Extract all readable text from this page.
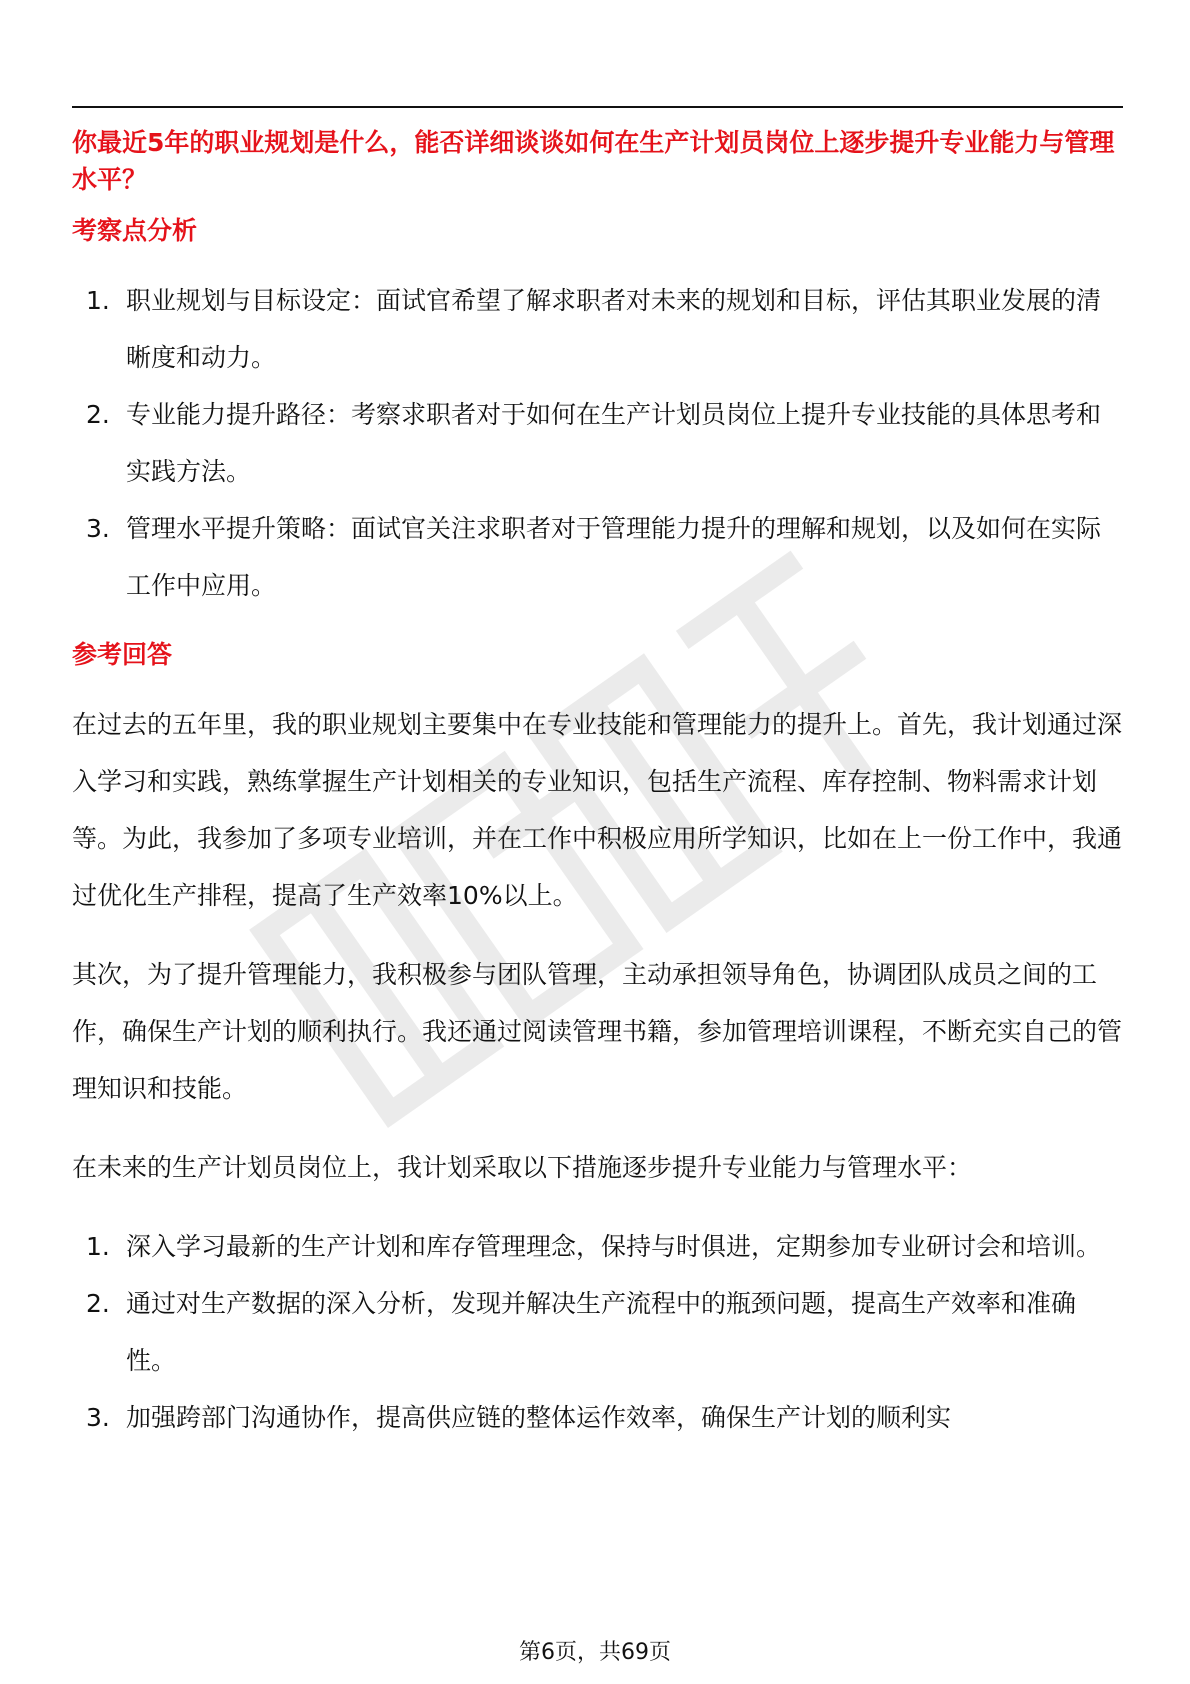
你最近5年的职业规划是什么，能否详细谈谈如何在生产计划员岗位上逐步提升专业能力与管理水平？

考察点分析
1. 职业规划与目标设定：面试官希望了解求职者对未来的规划和目标，评估其职业发展的清晰度和动力。
2. 专业能力提升路径：考察求职者对于如何在生产计划员岗位上提升专业技能的具体思考和实践方法。
3. 管理水平提升策略：面试官关注求职者对于管理能力提升的理解和规划，以及如何在实际工作中应用。
参考回答

在过去的五年里，我的职业规划主要集中在专业技能和管理能力的提升上。首先，我计划通过深入学习和实践，熟练掌握生产计划相关的专业知识，包括生产流程、库存控制、物料需求计划等。为此，我参加了多项专业培训，并在工作中积极应用所学知识，比如在上一份工作中，我通过优化生产排程，提高了生产效率10%以上。

其次，为了提升管理能力，我积极参与团队管理，主动承担领导角色，协调团队成员之间的工作，确保生产计划的顺利执行。我还通过阅读管理书籍，参加管理培训课程，不断充实自己的管理知识和技能。

在未来的生产计划员岗位上，我计划采取以下措施逐步提升专业能力与管理水平：

1. 深入学习最新的生产计划和库存管理理念，保持与时俱进，定期参加专业研讨会和培训。
2. 通过对生产数据的深入分析，发现并解决生产流程中的瓶颈问题，提高生产效率和准确性。
3. 加强跨部门沟通协作，提高供应链的整体运作效率，确保生产计划的顺利实
第6页，共69页
